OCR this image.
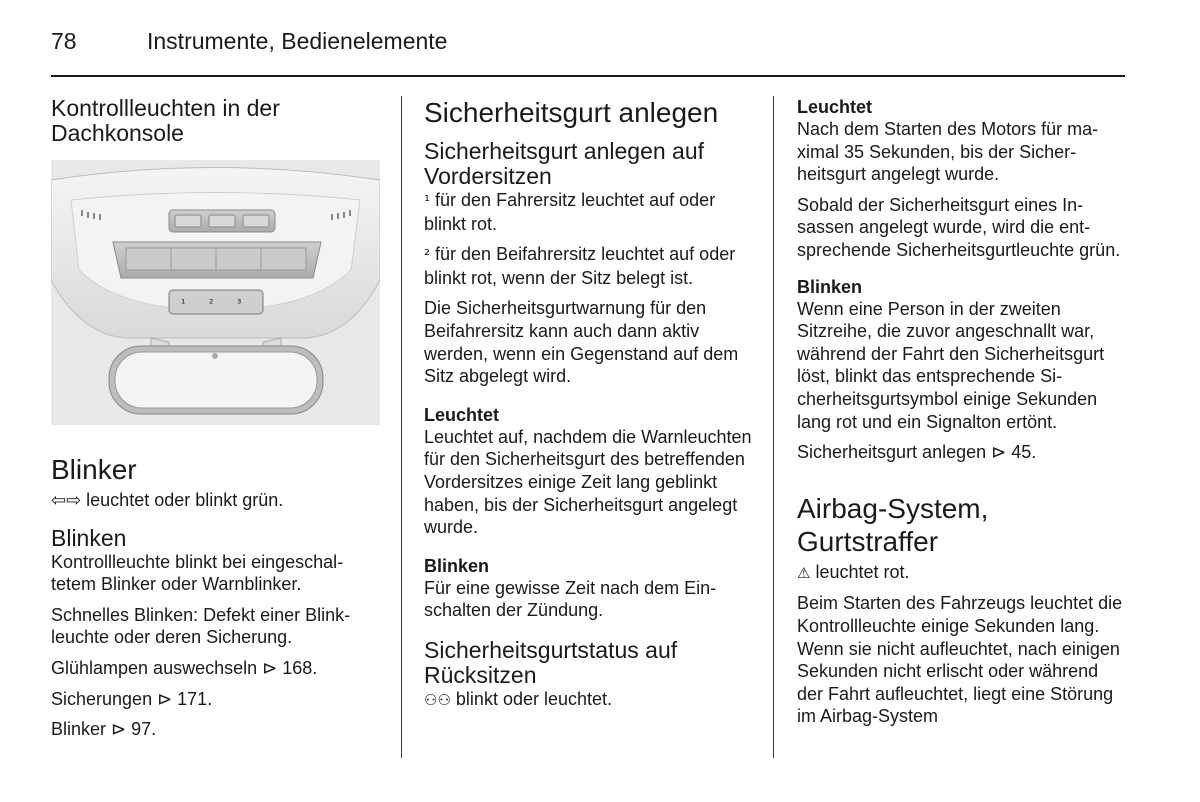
78	Instrumente, Bedienelemente
Kontrollleuchten in der Dachkonsole
¹ ² ³
Blinker

⇦⇨ leuchtet oder blinkt grün.

Blinken

Kontrollleuchte blinkt bei eingeschaltetem Blinker oder Warnblinker.

Schnelles Blinken: Defekt einer Blinkleuchte oder deren Sicherung.

Glühlampen auswechseln ⊳ 168.

Sicherungen ⊳ 171.

Blinker ⊳ 97.

Sicherheitsgurt anlegen
Sicherheitsgurt anlegen auf Vordersitzen

¹ für den Fahrersitz leuchtet auf oder blinkt rot.

² für den Beifahrersitz leuchtet auf oder blinkt rot, wenn der Sitz belegt ist.

Die Sicherheitsgurtwarnung für den Beifahrersitz kann auch dann aktiv werden, wenn ein Gegenstand auf dem Sitz abgelegt wird.

Leuchtet

Leuchtet auf, nachdem die Warnleuchten für den Sicherheitsgurt des betreffenden Vordersitzes einige Zeit lang geblinkt haben, bis der Sicherheitsgurt angelegt wurde.

Blinken

Für eine gewisse Zeit nach dem Einschalten der Zündung.

Sicherheitsgurtstatus auf Rücksitzen

⚇⚇ blinkt oder leuchtet.

Leuchtet

Nach dem Starten des Motors für maximal 35 Sekunden, bis der Sicherheitsgurt angelegt wurde.

Sobald der Sicherheitsgurt eines Insassen angelegt wurde, wird die entsprechende Sicherheitsgurtleuchte grün.

Blinken

Wenn eine Person in der zweiten Sitzreihe, die zuvor angeschnallt war, während der Fahrt den Sicherheitsgurt löst, blinkt das entsprechende Sicherheitsgurtsymbol einige Sekunden lang rot und ein Signalton ertönt.

Sicherheitsgurt anlegen ⊳ 45.

Airbag-System, Gurtstraffer

⚠ leuchtet rot.

Beim Starten des Fahrzeugs leuchtet die Kontrollleuchte einige Sekunden lang. Wenn sie nicht aufleuchtet, nach einigen Sekunden nicht erlischt oder während der Fahrt aufleuchtet, liegt eine Störung im Airbag-System
